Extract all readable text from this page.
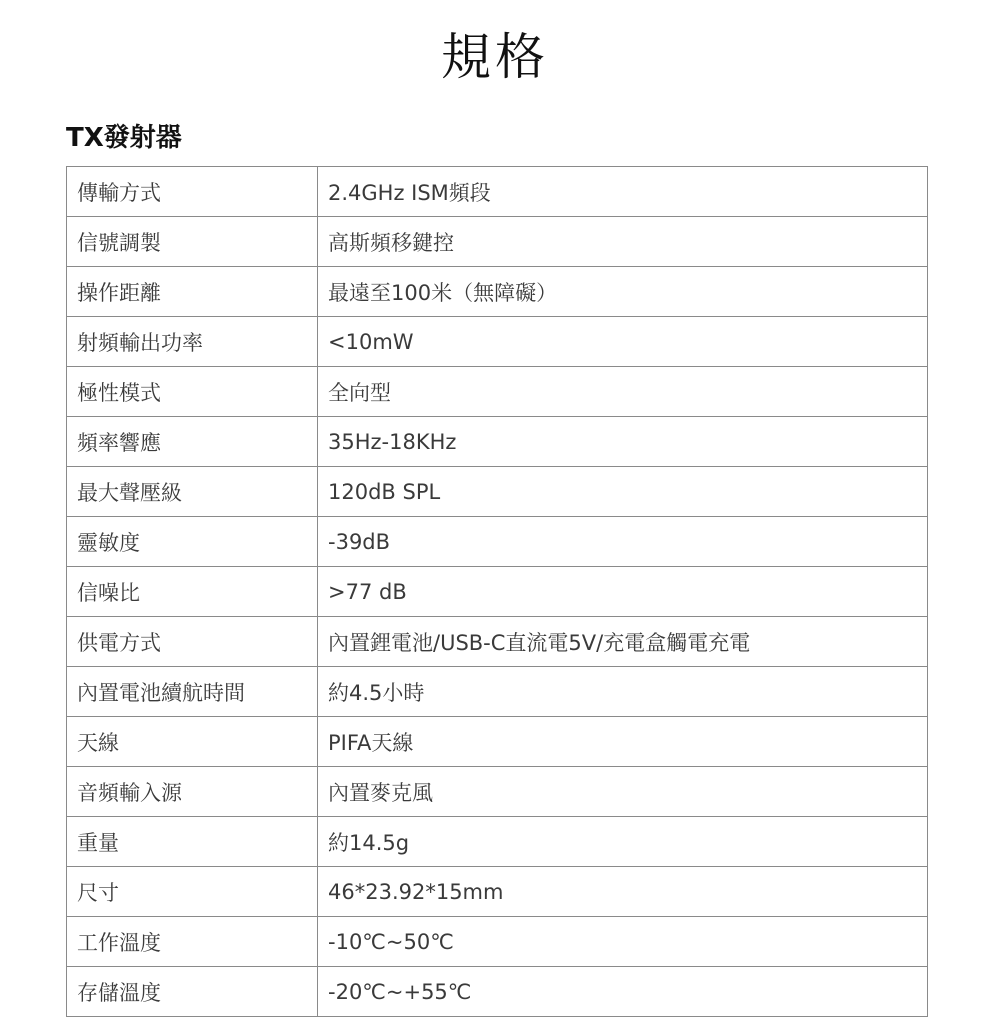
規格
TX發射器
傳輸方式	2.4GHz ISM頻段
信號調製	高斯頻移鍵控
操作距離	最遠至100米（無障礙）
射頻輸出功率	<10mW
極性模式	全向型
頻率響應	35Hz-18KHz
最大聲壓級	120dB SPL
靈敏度	-39dB
信噪比	>77 dB
供電方式	內置鋰電池/USB-C直流電5V/充電盒觸電充電
內置電池續航時間	約4.5小時
天線	PIFA天線
音頻輸入源	內置麥克風
重量	約14.5g
尺寸	46*23.92*15mm
工作溫度	-10℃~50℃
存儲溫度	-20℃~+55℃
